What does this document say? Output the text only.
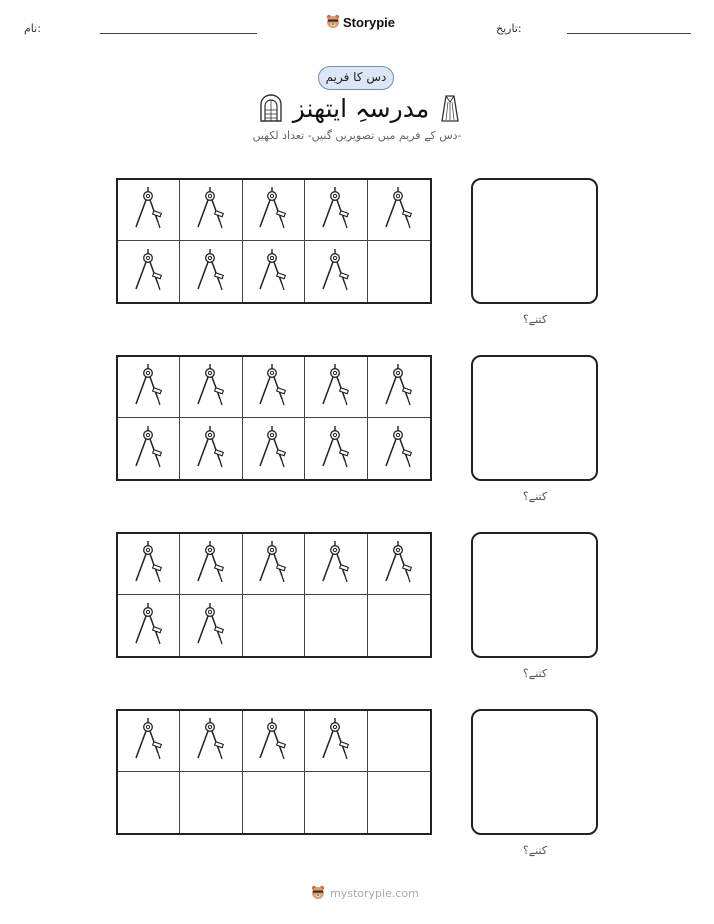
نام:	Storypie	تاریخ:
دس کا فریم
مدرسہِ ایتھنز
دس کے فریم میں تصویریں گنیں- تعداد لکھیں-
کتنے؟
کتنے؟
کتنے؟
کتنے؟
mystorypie.com
